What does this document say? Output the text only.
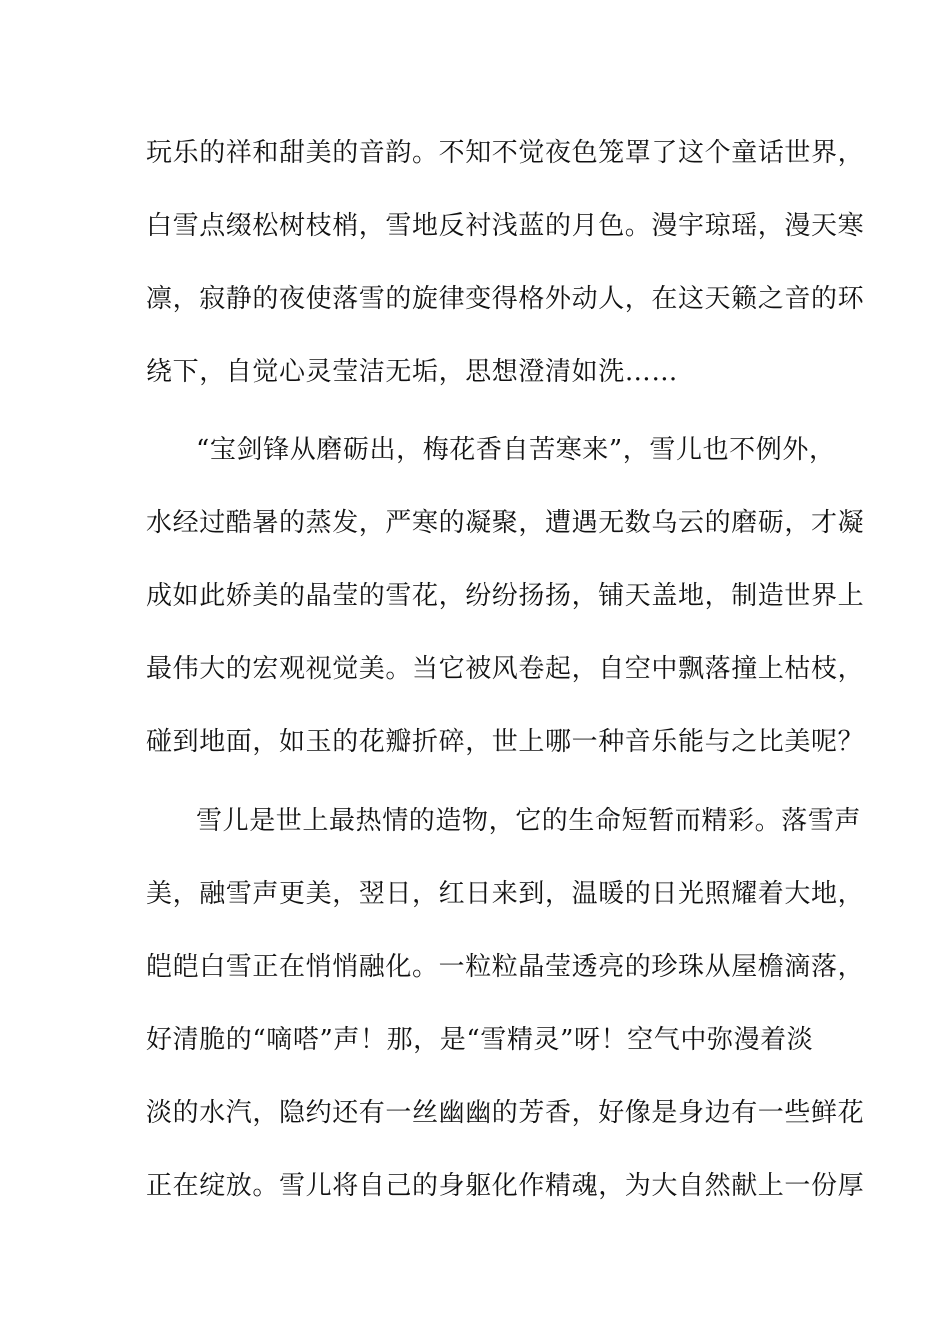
玩乐的祥和甜美的音韵。不知不觉夜色笼罩了这个童话世界，
白雪点缀松树枝梢，雪地反衬浅蓝的月色。漫宇琼瑶，漫天寒
凛，寂静的夜使落雪的旋律变得格外动人，在这天籁之音的环
绕下，自觉心灵莹洁无垢，思想澄清如洗……
“宝剑锋从磨砺出，梅花香自苦寒来”，雪儿也不例外，
水经过酷暑的蒸发，严寒的凝聚，遭遇无数乌云的磨砺，才凝
成如此娇美的晶莹的雪花，纷纷扬扬，铺天盖地，制造世界上
最伟大的宏观视觉美。当它被风卷起，自空中飘落撞上枯枝，
碰到地面，如玉的花瓣折碎，世上哪一种音乐能与之比美呢？
雪儿是世上最热情的造物，它的生命短暂而精彩。落雪声
美，融雪声更美，翌日，红日来到，温暖的日光照耀着大地，
皑皑白雪正在悄悄融化。一粒粒晶莹透亮的珍珠从屋檐滴落，
好清脆的“嘀嗒”声！那，是“雪精灵”呀！空气中弥漫着淡
淡的水汽，隐约还有一丝幽幽的芳香，好像是身边有一些鲜花
正在绽放。雪儿将自己的身躯化作精魂，为大自然献上一份厚
